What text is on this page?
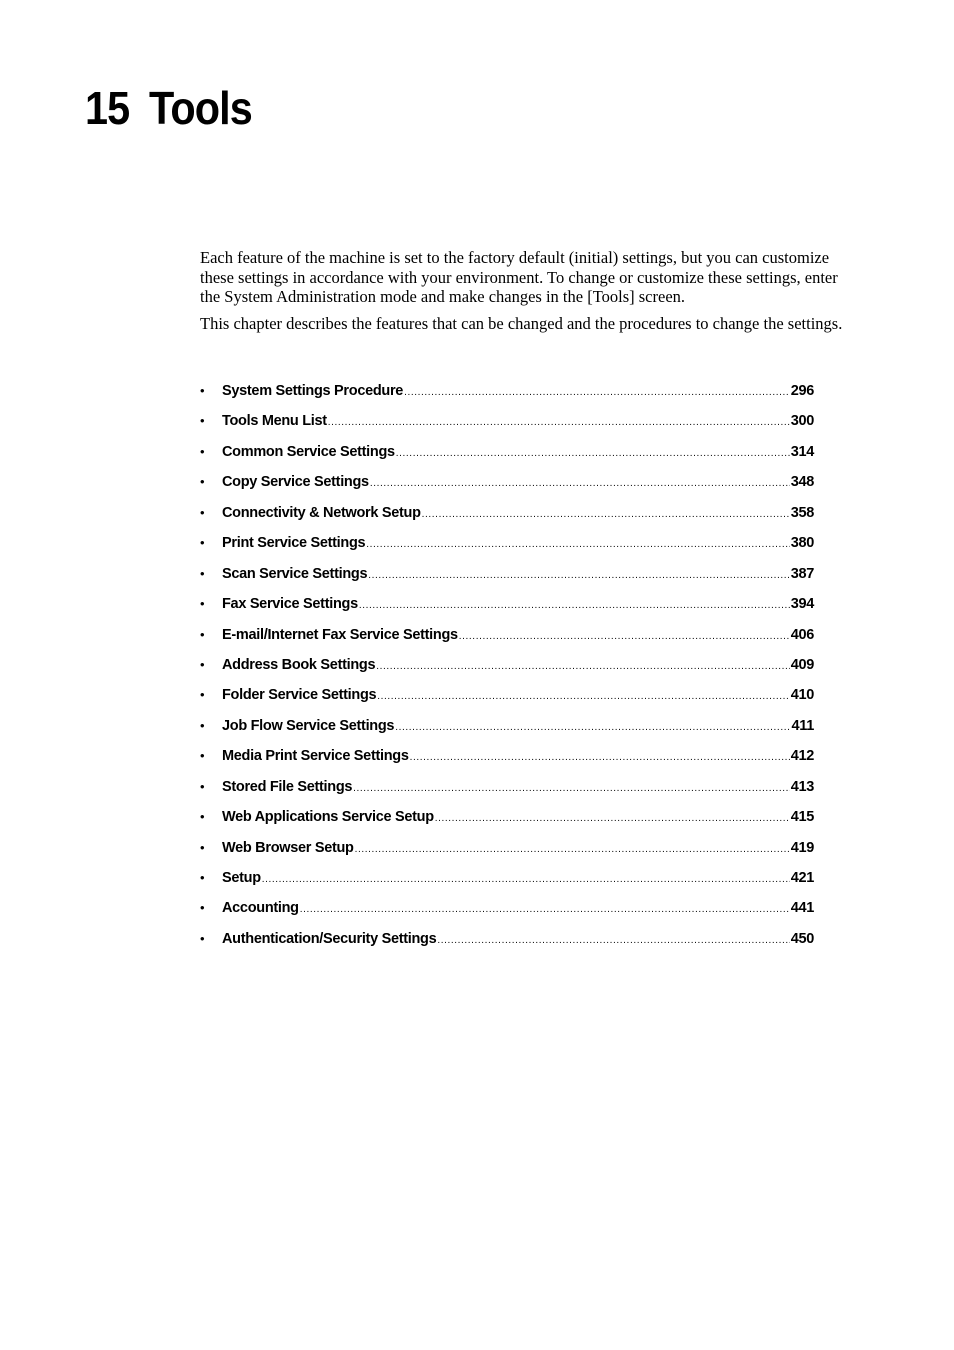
15 Tools

Each feature of the machine is set to the factory default (initial) settings, but you can customize these settings in accordance with your environment. To change or customize these settings, enter the System Administration mode and make changes in the [Tools] screen.

This chapter describes the features that can be changed and the procedures to change the settings.

•	System Settings Procedure .....	296
•	Tools Menu List .....	300
•	Common Service Settings .....	314
•	Copy Service Settings .....	348
•	Connectivity & Network Setup .....	358
•	Print Service Settings .....	380
•	Scan Service Settings .....	387
•	Fax Service Settings .....	394
•	E-mail/Internet Fax Service Settings .....	406
•	Address Book Settings .....	409
•	Folder Service Settings .....	410
•	Job Flow Service Settings .....	411
•	Media Print Service Settings .....	412
•	Stored File Settings .....	413
•	Web Applications Service Setup .....	415
•	Web Browser Setup .....	419
•	Setup .....	421
•	Accounting .....	441
•	Authentication/Security Settings .....	450
